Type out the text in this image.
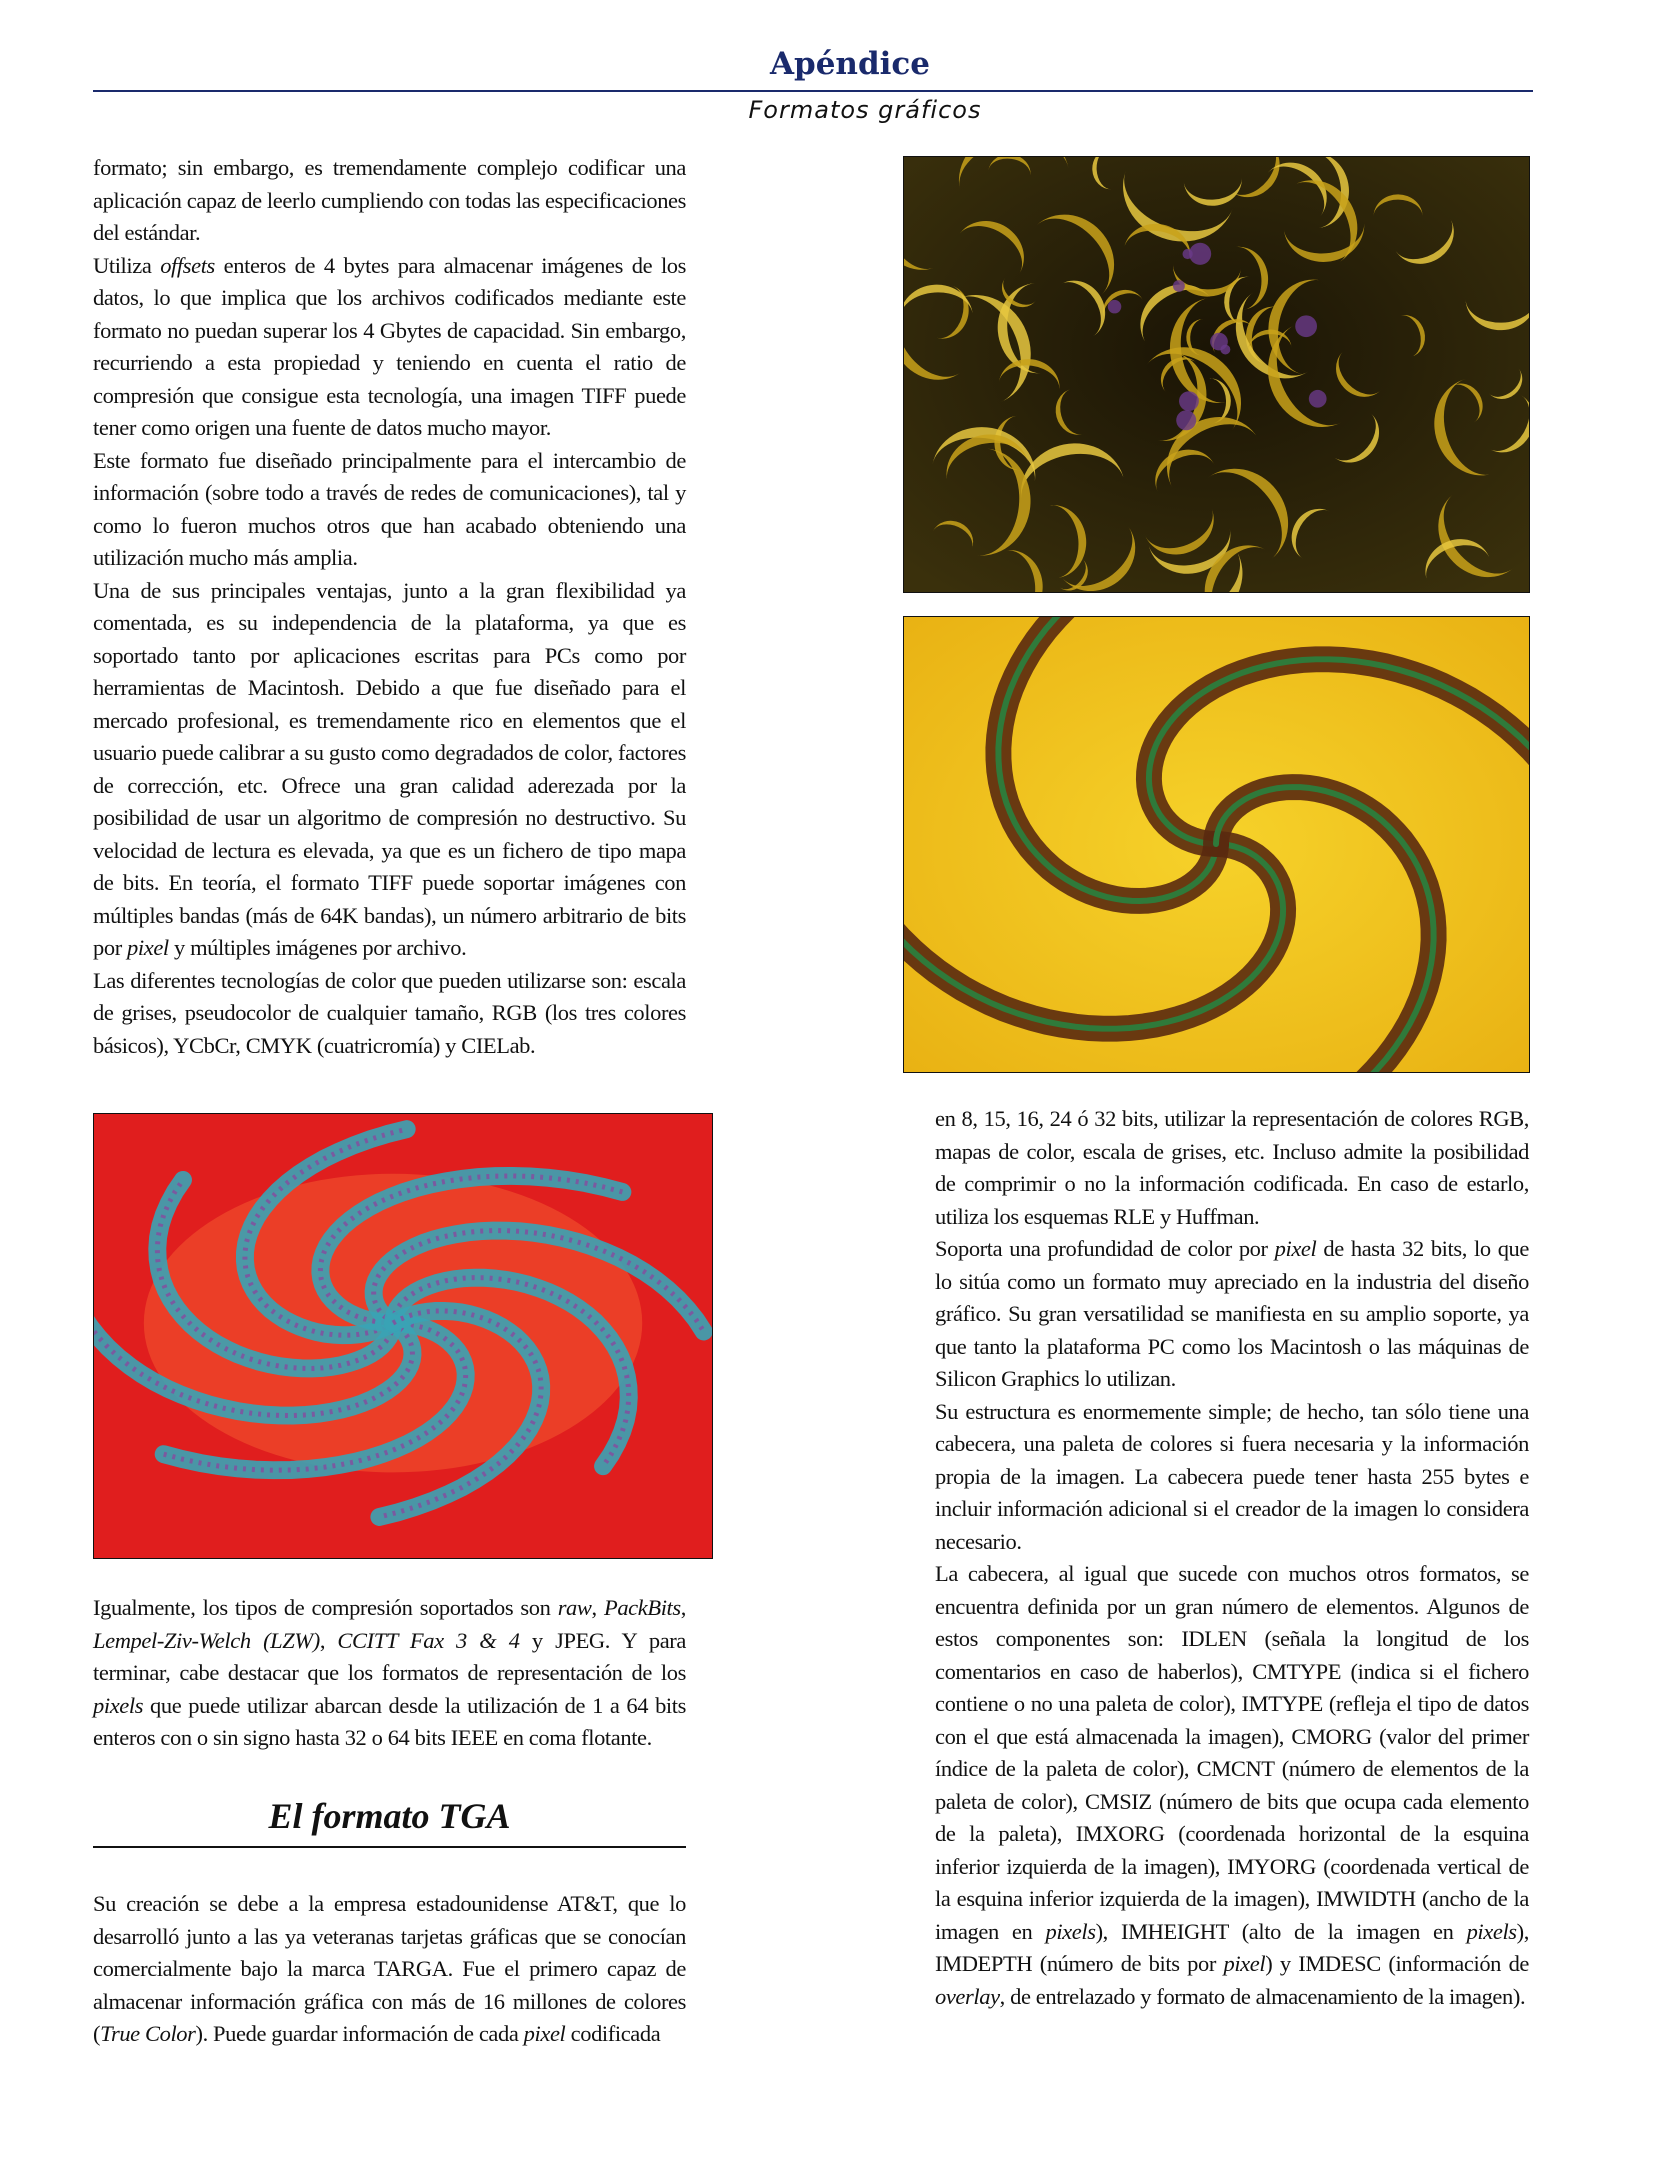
Apéndice
Formatos gráficos

formato; sin embargo, es tremendamente complejo codificar una aplicación capaz de leerlo cumpliendo con todas las especificaciones del estándar.

Utiliza offsets enteros de 4 bytes para almacenar imágenes de los datos, lo que implica que los archivos codificados mediante este formato no puedan superar los 4 Gbytes de capacidad. Sin embargo, recurriendo a esta propiedad y teniendo en cuenta el ratio de compresión que consigue esta tecnología, una imagen TIFF puede tener como origen una fuente de datos mucho mayor.

Este formato fue diseñado principalmente para el intercambio de información (sobre todo a través de redes de comunicaciones), tal y como lo fueron muchos otros que han acabado obteniendo una utilización mucho más amplia.

Una de sus principales ventajas, junto a la gran flexibilidad ya comentada, es su independencia de la plataforma, ya que es soportado tanto por aplicaciones escritas para PCs como por herramientas de Macintosh. Debido a que fue diseñado para el mercado profesional, es tremendamente rico en elementos que el usuario puede calibrar a su gusto como degradados de color, factores de corrección, etc. Ofrece una gran calidad aderezada por la posibilidad de usar un algoritmo de compresión no destructivo. Su velocidad de lectura es elevada, ya que es un fichero de tipo mapa de bits. En teoría, el formato TIFF puede soportar imágenes con múltiples bandas (más de 64K bandas), un número arbitrario de bits por pixel y múltiples imágenes por archivo.

Las diferentes tecnologías de color que pueden utilizarse son: escala de grises, pseudocolor de cualquier tamaño, RGB (los tres colores básicos), YCbCr, CMYK (cuatricromía) y CIELab.

Igualmente, los tipos de compresión soportados son raw, PackBits, Lempel-Ziv-Welch (LZW), CCITT Fax 3 & 4 y JPEG. Y para terminar, cabe destacar que los formatos de representación de los pixels que puede utilizar abarcan desde la utilización de 1 a 64 bits enteros con o sin signo hasta 32 o 64 bits IEEE en coma flotante.

El formato TGA

Su creación se debe a la empresa estadounidense AT&T, que lo desarrolló junto a las ya veteranas tarjetas gráficas que se conocían comercialmente bajo la marca TARGA. Fue el primero capaz de almacenar información gráfica con más de 16 millones de colores (True Color). Puede guardar información de cada pixel codificada

en 8, 15, 16, 24 ó 32 bits, utilizar la representación de colores RGB, mapas de color, escala de grises, etc. Incluso admite la posibilidad de comprimir o no la información codificada. En caso de estarlo, utiliza los esquemas RLE y Huffman.

Soporta una profundidad de color por pixel de hasta 32 bits, lo que lo sitúa como un formato muy apreciado en la industria del diseño gráfico. Su gran versatilidad se manifiesta en su amplio soporte, ya que tanto la plataforma PC como los Macintosh o las máquinas de Silicon Graphics lo utilizan.

Su estructura es enormemente simple; de hecho, tan sólo tiene una cabecera, una paleta de colores si fuera necesaria y la información propia de la imagen. La cabecera puede tener hasta 255 bytes e incluir información adicional si el creador de la imagen lo considera necesario.

La cabecera, al igual que sucede con muchos otros formatos, se encuentra definida por un gran número de elementos. Algunos de estos componentes son: IDLEN (señala la longitud de los comentarios en caso de haberlos), CMTYPE (indica si el fichero contiene o no una paleta de color), IMTYPE (refleja el tipo de datos con el que está almacenada la imagen), CMORG (valor del primer índice de la paleta de color), CMCNT (número de elementos de la paleta de color), CMSIZ (número de bits que ocupa cada elemento de la paleta), IMXORG (coordenada horizontal de la esquina inferior izquierda de la imagen), IMYORG (coordenada vertical de la esquina inferior izquierda de la imagen), IMWIDTH (ancho de la imagen en pixels), IMHEIGHT (alto de la imagen en pixels), IMDEPTH (número de bits por pixel) y IMDESC (información de overlay, de entrelazado y formato de almacenamiento de la imagen).
